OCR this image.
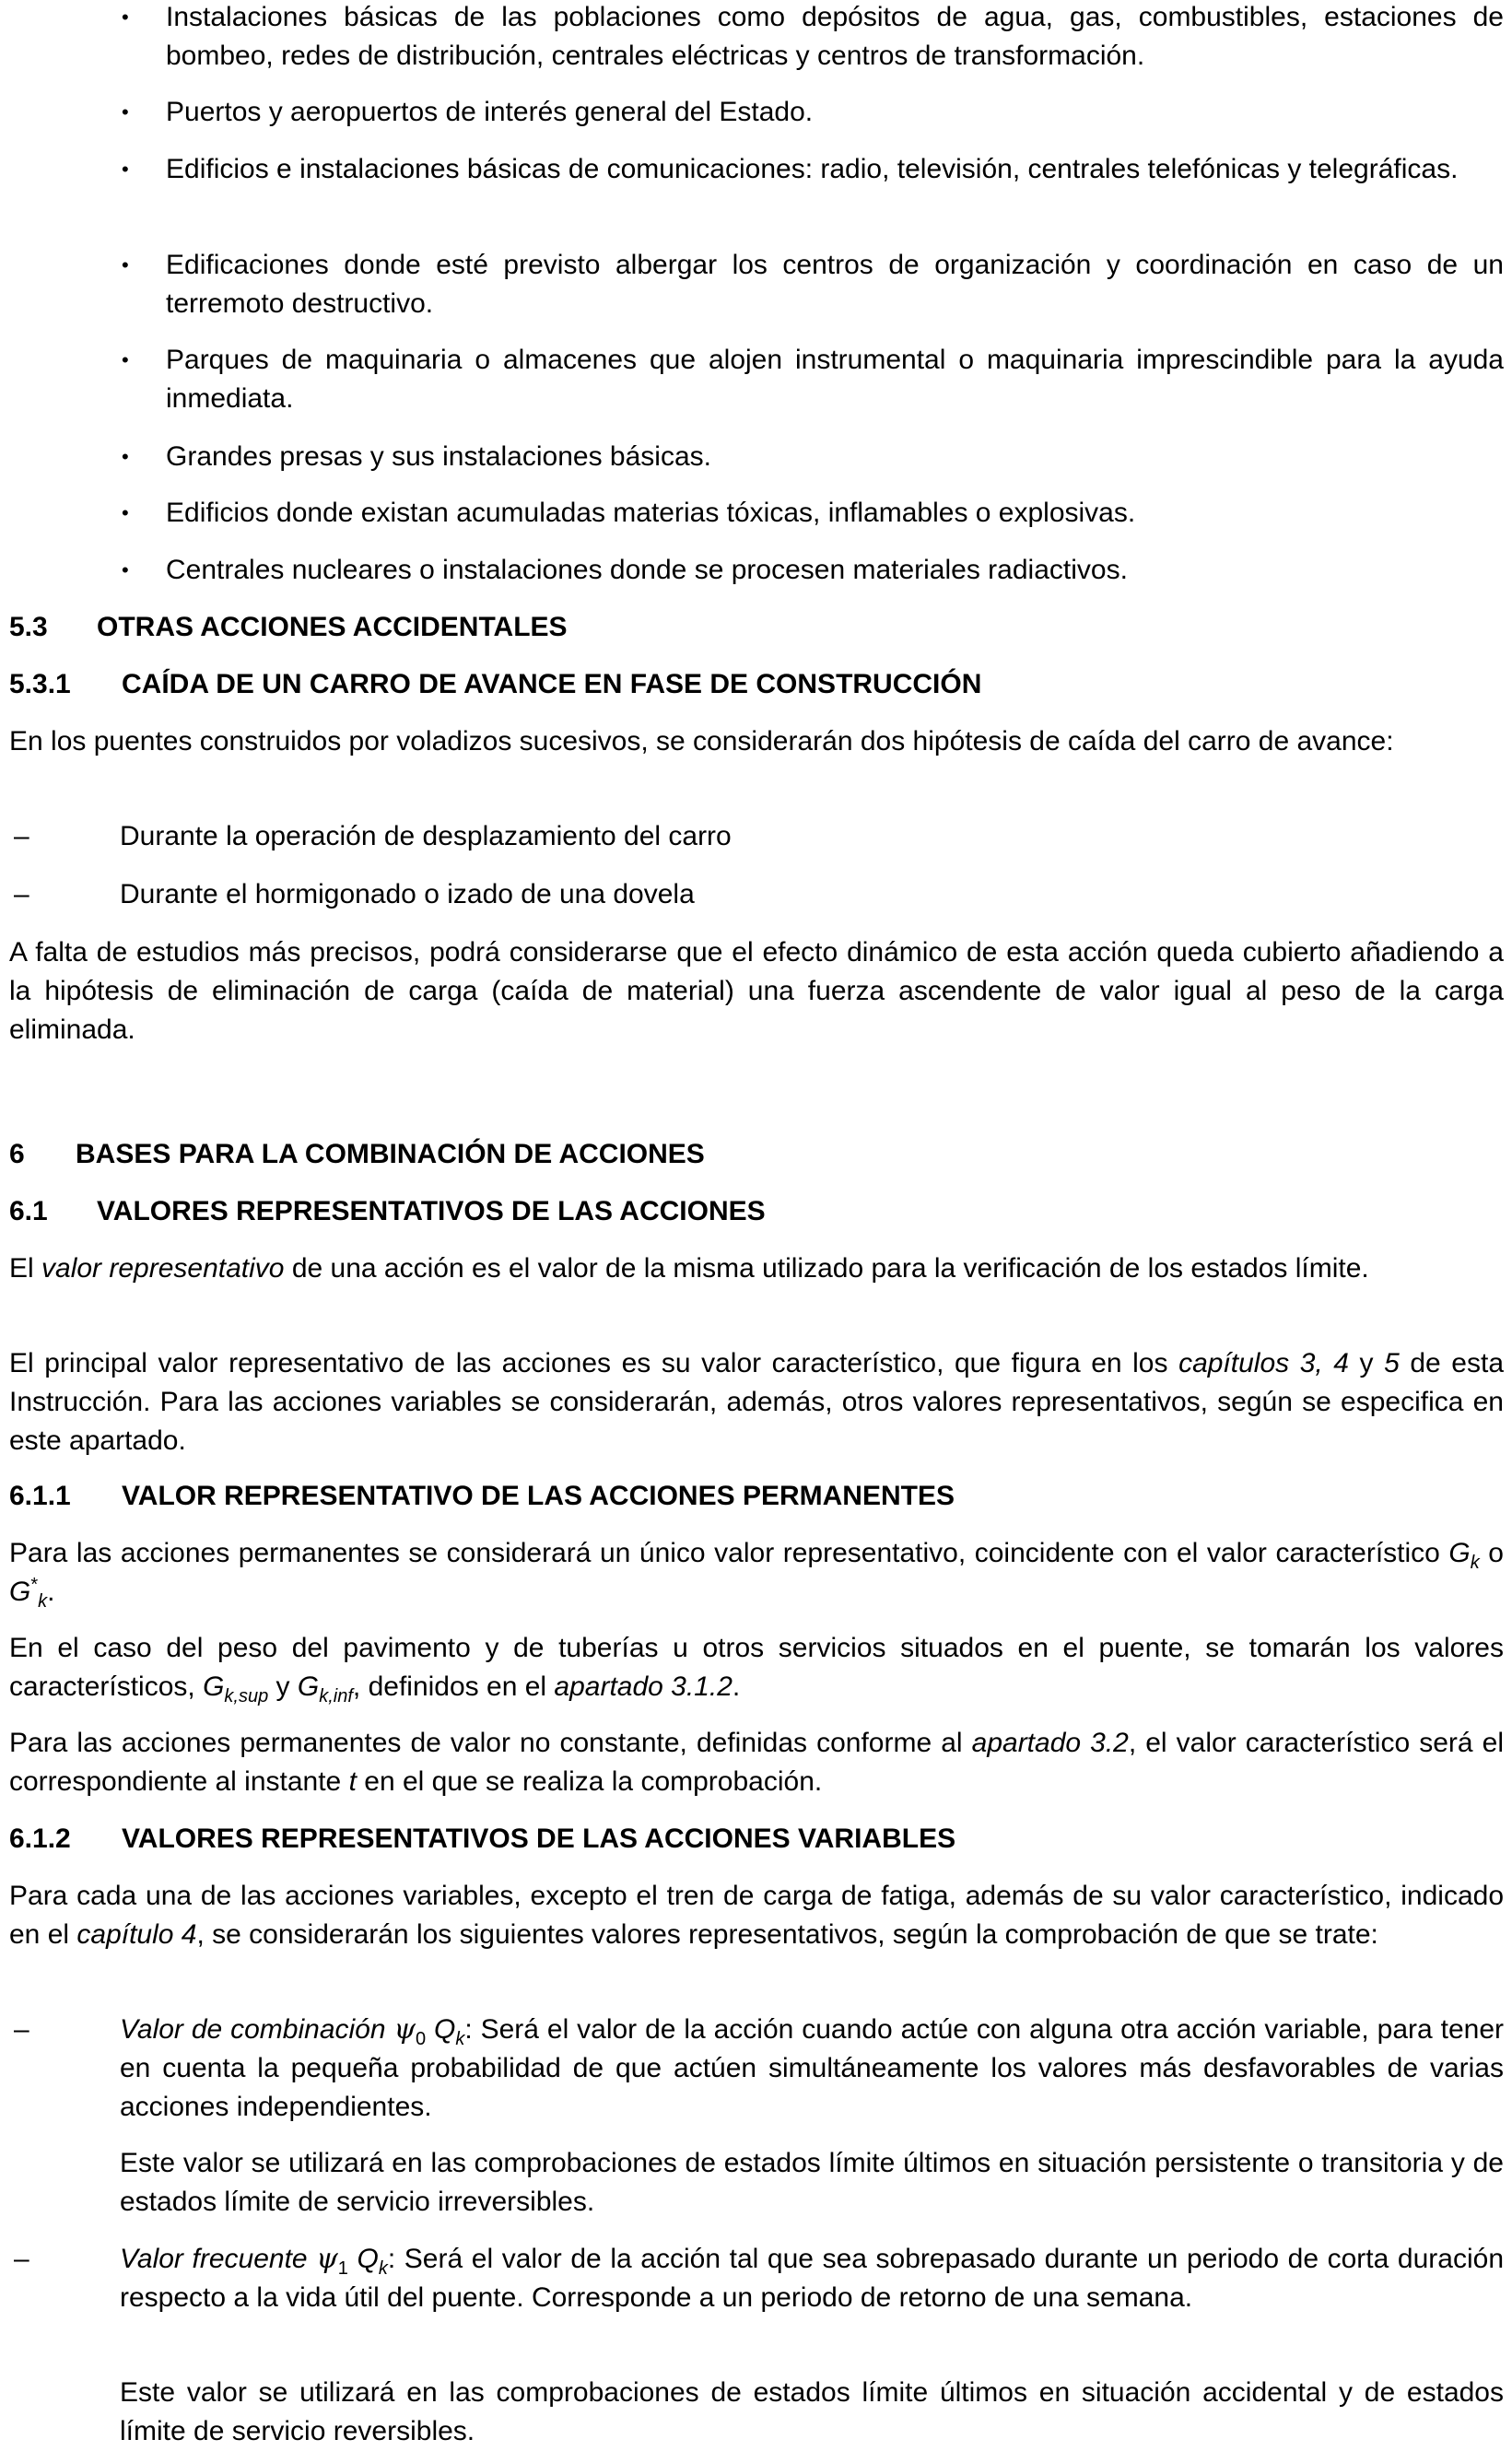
• Instalaciones básicas de las poblaciones como depósitos de agua, gas, combustibles, estaciones de bombeo, redes de distribución, centrales eléctricas y centros de transformación.

• Puertos y aeropuertos de interés general del Estado.

• Edificios e instalaciones básicas de comunicaciones: radio, televisión, centrales telefónicas y telegráficas.

• Edificaciones donde esté previsto albergar los centros de organización y coordinación en caso de un terremoto destructivo.

• Parques de maquinaria o almacenes que alojen instrumental o maquinaria imprescindible para la ayuda inmediata.

• Grandes presas y sus instalaciones básicas.

• Edificios donde existan acumuladas materias tóxicas, inflamables o explosivas.

• Centrales nucleares o instalaciones donde se procesen materiales radiactivos.

5.3 OTRAS ACCIONES ACCIDENTALES
5.3.1 CAÍDA DE UN CARRO DE AVANCE EN FASE DE CONSTRUCCIÓN

En los puentes construidos por voladizos sucesivos, se considerarán dos hipótesis de caída del carro de avance:

–	Durante la operación de desplazamiento del carro

–	Durante el hormigonado o izado de una dovela

A falta de estudios más precisos, podrá considerarse que el efecto dinámico de esta acción queda cubierto añadiendo a la hipótesis de eliminación de carga (caída de material) una fuerza ascendente de valor igual al peso de la carga eliminada.

6 BASES PARA LA COMBINACIÓN DE ACCIONES
6.1 VALORES REPRESENTATIVOS DE LAS ACCIONES

El valor representativo de una acción es el valor de la misma utilizado para la verificación de los estados límite.

El principal valor representativo de las acciones es su valor característico, que figura en los capítulos 3, 4 y 5 de esta Instrucción. Para las acciones variables se considerarán, además, otros valores representativos, según se especifica en este apartado.

6.1.1 VALOR REPRESENTATIVO DE LAS ACCIONES PERMANENTES

Para las acciones permanentes se considerará un único valor representativo, coincidente con el valor característico $G_k$ o $G^*_k$.

En el caso del peso del pavimento y de tuberías u otros servicios situados en el puente, se tomarán los valores característicos, $G_{k,sup}$ y $G_{k,inf}$, definidos en el apartado 3.1.2.

Para las acciones permanentes de valor no constante, definidas conforme al apartado 3.2, el valor característico será el correspondiente al instante t en el que se realiza la comprobación.

6.1.2 VALORES REPRESENTATIVOS DE LAS ACCIONES VARIABLES

Para cada una de las acciones variables, excepto el tren de carga de fatiga, además de su valor característico, indicado en el capítulo 4, se considerarán los siguientes valores representativos, según la comprobación de que se trate:

–	Valor de combinación $\psi_0$ $Q_k$: Será el valor de la acción cuando actúe con alguna otra acción variable, para tener en cuenta la pequeña probabilidad de que actúen simultáneamente los valores más desfavorables de varias acciones independientes.

Este valor se utilizará en las comprobaciones de estados límite últimos en situación persistente o transitoria y de estados límite de servicio irreversibles.

–	Valor frecuente $\psi_1$ $Q_k$: Será el valor de la acción tal que sea sobrepasado durante un periodo de corta duración respecto a la vida útil del puente. Corresponde a un periodo de retorno de una semana.

Este valor se utilizará en las comprobaciones de estados límite últimos en situación accidental y de estados límite de servicio reversibles.
